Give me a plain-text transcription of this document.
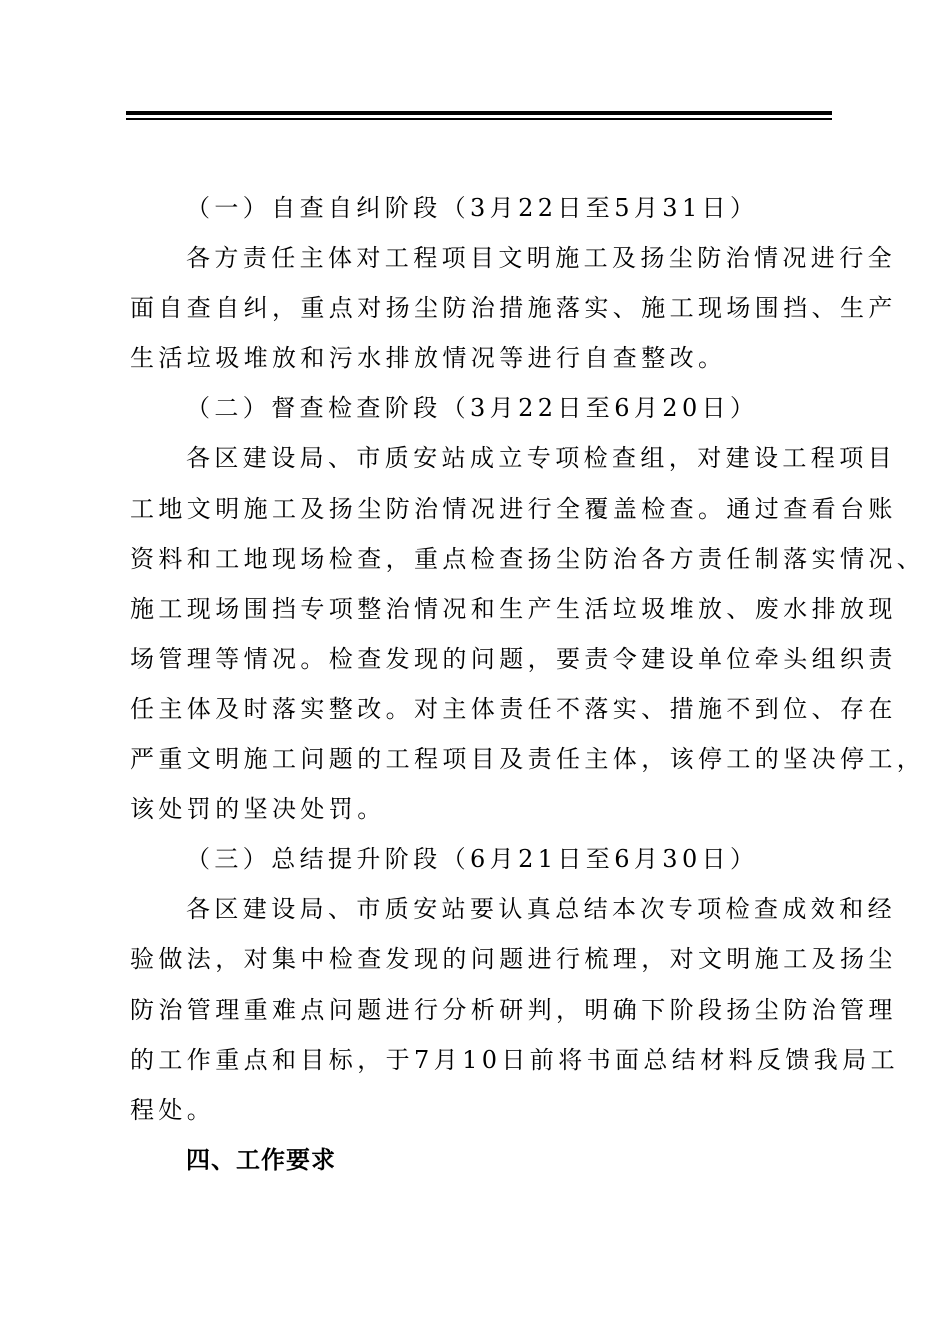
（一）自查自纠阶段（3月22日至5月31日）

各方责任主体对工程项目文明施工及扬尘防治情况进行全
面自查自纠，重点对扬尘防治措施落实、施工现场围挡、生产
生活垃圾堆放和污水排放情况等进行自查整改。

（二）督查检查阶段（3月22日至6月20日）

各区建设局、市质安站成立专项检查组，对建设工程项目
工地文明施工及扬尘防治情况进行全覆盖检查。通过查看台账
资料和工地现场检查，重点检查扬尘防治各方责任制落实情况、
施工现场围挡专项整治情况和生产生活垃圾堆放、废水排放现
场管理等情况。检查发现的问题，要责令建设单位牵头组织责
任主体及时落实整改。对主体责任不落实、措施不到位、存在
严重文明施工问题的工程项目及责任主体，该停工的坚决停工，
该处罚的坚决处罚。

（三）总结提升阶段（6月21日至6月30日）

各区建设局、市质安站要认真总结本次专项检查成效和经
验做法，对集中检查发现的问题进行梳理，对文明施工及扬尘
防治管理重难点问题进行分析研判，明确下阶段扬尘防治管理
的工作重点和目标，于7月10日前将书面总结材料反馈我局工
程处。

四、工作要求
